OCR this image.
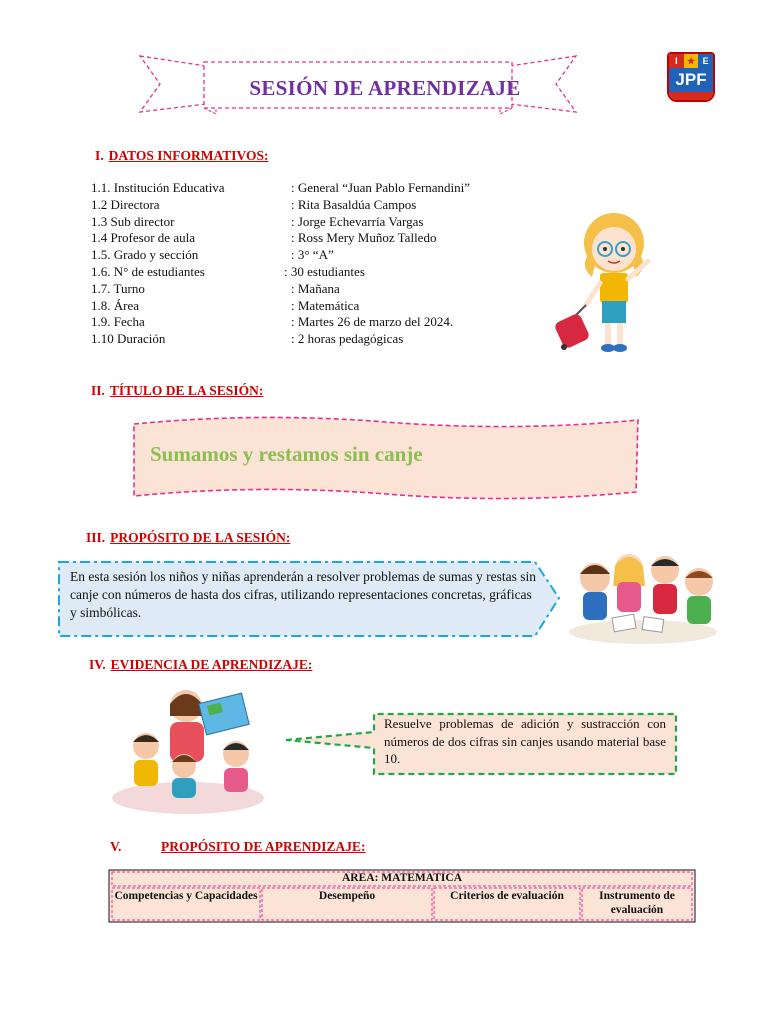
SESIÓN DE APRENDIZAJE
I	★ E
JPF
I. DATOS INFORMATIVOS:
1.1. Institución Educativa	: General “Juan Pablo Fernandini”
1.2 Directora	: Rita Basaldúa Campos
1.3 Sub director	: Jorge Echevarría Vargas
1.4 Profesor de aula	: Ross Mery Muñoz Talledo
1.5. Grado y sección	: 3° “A”
1.6. N° de estudiantes	: 30 estudiantes
1.7. Turno	: Mañana
1.8. Área	: Matemática
1.9. Fecha	: Martes 26 de marzo del 2024.
1.10 Duración	: 2 horas pedagógicas
II. TÍTULO DE LA SESIÓN:
Sumamos y restamos sin canje
III. PROPÓSITO DE LA SESIÓN:
En esta sesión los niños y niñas aprenderán a resolver problemas de sumas y restas sin canje con números de hasta dos cifras, utilizando representaciones concretas, gráficas y simbólicas.
IV. EVIDENCIA DE APRENDIZAJE:
Resuelve problemas de adición y sustracción con números de dos cifras sin canjes usando material base 10.
V.	PROPÓSITO DE APRENDIZAJE:
AREA: MATEMATICA
Competencias y Capacidades	Desempeño	Criterios de evaluación	Instrumento de evaluación
